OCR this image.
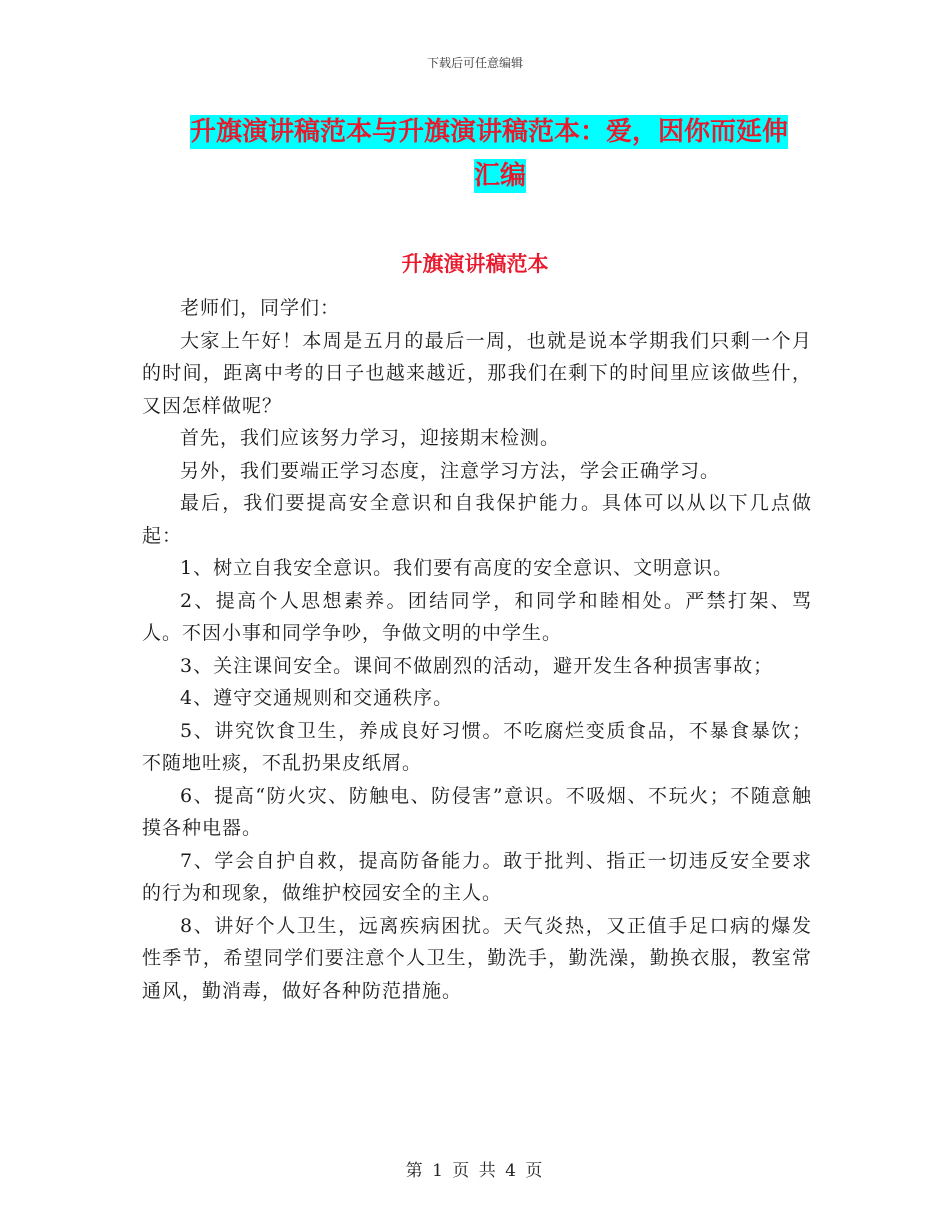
下载后可任意编辑
升旗演讲稿范本与升旗演讲稿范本：爱，因你而延伸
汇编
升旗演讲稿范本

老师们，同学们：

大家上午好！本周是五月的最后一周，也就是说本学期我们只剩一个月的时间，距离中考的日子也越来越近，那我们在剩下的时间里应该做些什，又因怎样做呢？

首先，我们应该努力学习，迎接期末检测。

另外，我们要端正学习态度，注意学习方法，学会正确学习。

最后，我们要提高安全意识和自我保护能力。具体可以从以下几点做起：

1、树立自我安全意识。我们要有高度的安全意识、文明意识。

2、提高个人思想素养。团结同学，和同学和睦相处。严禁打架、骂人。不因小事和同学争吵，争做文明的中学生。

3、关注课间安全。课间不做剧烈的活动，避开发生各种损害事故；

4、遵守交通规则和交通秩序。

5、讲究饮食卫生，养成良好习惯。不吃腐烂变质食品，不暴食暴饮；不随地吐痰，不乱扔果皮纸屑。

6、提高“防火灾、防触电、防侵害”意识。不吸烟、不玩火；不随意触摸各种电器。

7、学会自护自救，提高防备能力。敢于批判、指正一切违反安全要求的行为和现象，做维护校园安全的主人。

8、讲好个人卫生，远离疾病困扰。天气炎热，又正值手足口病的爆发性季节，希望同学们要注意个人卫生，勤洗手，勤洗澡，勤换衣服，教室常通风，勤消毒，做好各种防范措施。

第 1 页 共 4 页
